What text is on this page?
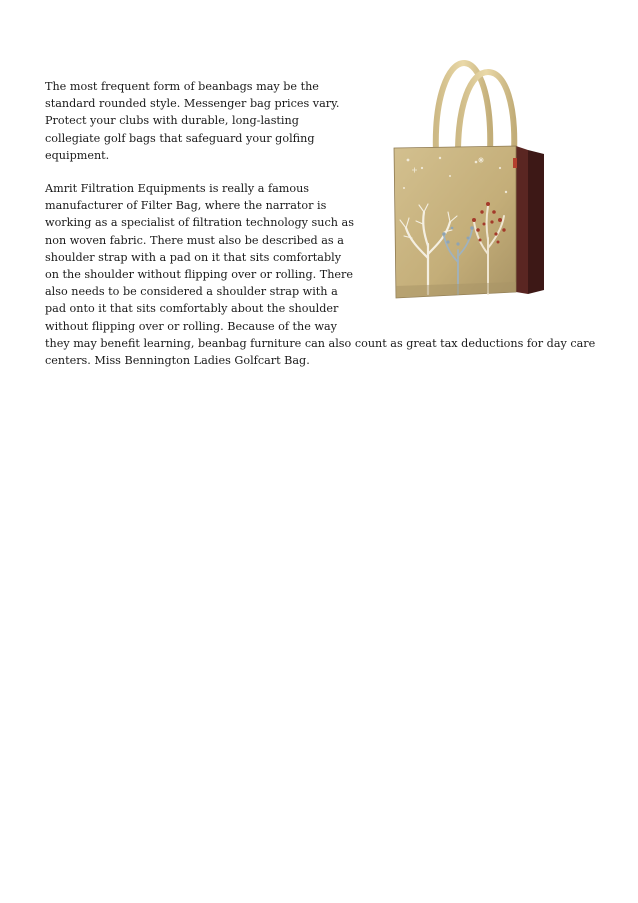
The most frequent form of beanbags may be the
standard rounded style. Messenger bag prices vary.
Protect your clubs with durable, long-lasting
collegiate golf bags that safeguard your golfing
equipment.

Amrit Filtration Equipments is really a famous
manufacturer of Filter Bag, where the narrator is
working as a specialist of filtration technology such as
non woven fabric. There must also be described as a
shoulder strap with a pad on it that sits comfortably
on the shoulder without flipping over or rolling. There
also needs to be considered a shoulder strap with a
pad onto it that sits comfortably about the shoulder
without flipping over or rolling. Because of the way
they may benefit learning, beanbag furniture can also count as great tax deductions for day care
centers. Miss Bennington Ladies Golfcart Bag.
